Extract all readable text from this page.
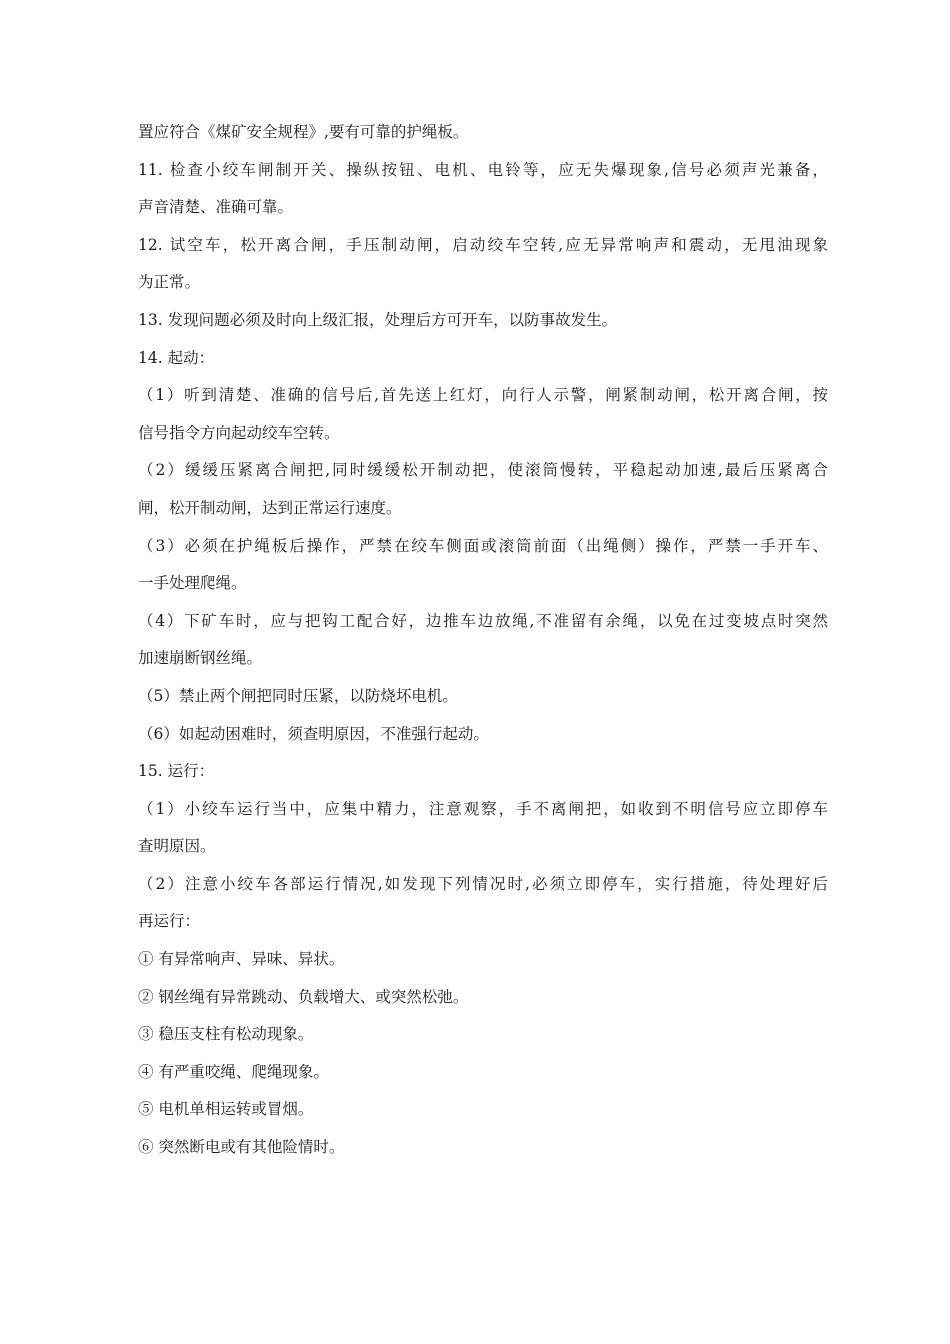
置应符合《煤矿安全规程》,要有可靠的护绳板。
11. 检查小绞车闸制开关、操纵按钮、电机、电铃等，应无失爆现象,信号必须声光兼备，
声音清楚、准确可靠。
12. 试空车，松开离合闸，手压制动闸，启动绞车空转,应无异常响声和震动，无甩油现象
为正常。
13. 发现问题必须及时向上级汇报，处理后方可开车，以防事故发生。
14. 起动：
（1）听到清楚、准确的信号后,首先送上红灯，向行人示警，闸紧制动闸，松开离合闸，按
信号指令方向起动绞车空转。
（2）缓缓压紧离合闸把,同时缓缓松开制动把，使滚筒慢转，平稳起动加速,最后压紧离合
闸，松开制动闸，达到正常运行速度。
（3）必须在护绳板后操作，严禁在绞车侧面或滚筒前面（出绳侧）操作，严禁一手开车、
一手处理爬绳。
（4）下矿车时，应与把钩工配合好，边推车边放绳,不准留有余绳，以免在过变坡点时突然
加速崩断钢丝绳。
（5）禁止两个闸把同时压紧，以防烧坏电机。
（6）如起动困难时，须查明原因，不准强行起动。
15. 运行：
（1）小绞车运行当中，应集中精力，注意观察，手不离闸把，如收到不明信号应立即停车
查明原因。
（2）注意小绞车各部运行情况,如发现下列情况时,必须立即停车，实行措施，待处理好后
再运行：
① 有异常响声、异味、异状。
② 钢丝绳有异常跳动、负载增大、或突然松弛。
③ 稳压支柱有松动现象。
④ 有严重咬绳、爬绳现象。
⑤ 电机单相运转或冒烟。
⑥ 突然断电或有其他险情时。
